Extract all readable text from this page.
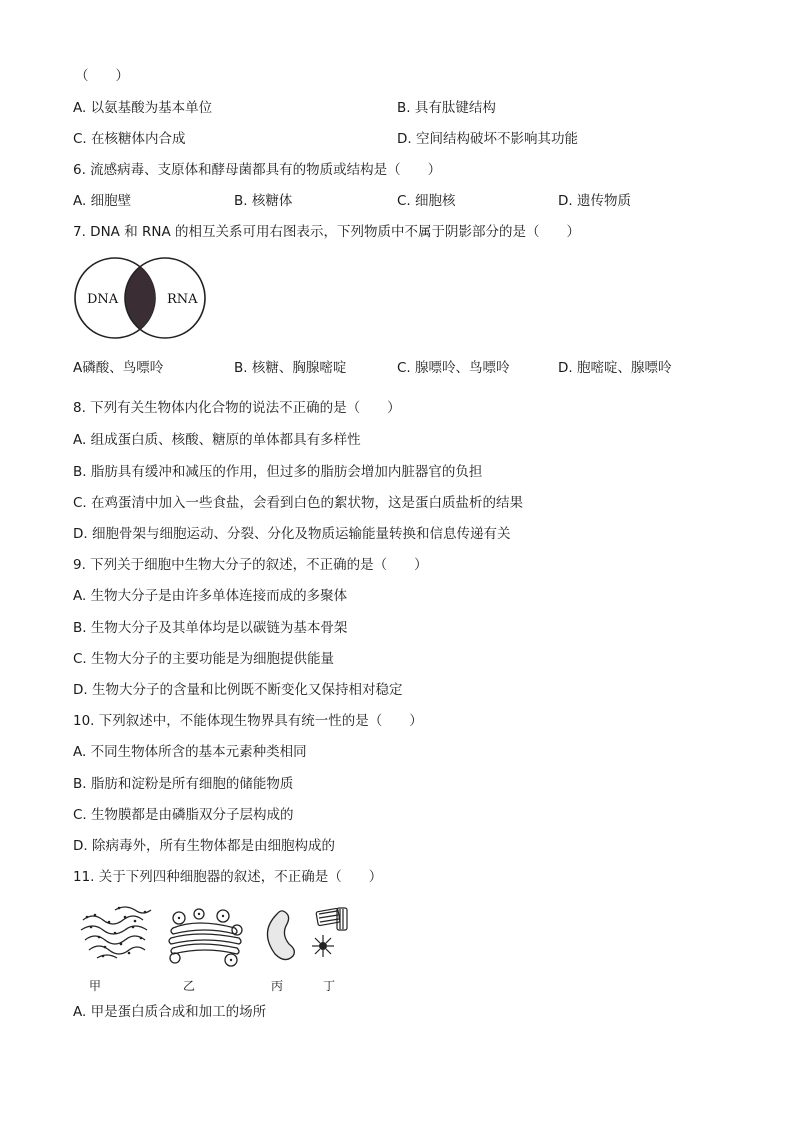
（　　）
A. 以氨基酸为基本单位	B. 具有肽键结构
C. 在核糖体内合成	D. 空间结构破坏不影响其功能
6. 流感病毒、支原体和酵母菌都具有的物质或结构是（　　）
A. 细胞壁	B. 核糖体	C. 细胞核	D. 遗传物质
7. DNA 和 RNA 的相互关系可用右图表示，下列物质中不属于阴影部分的是（　　）
DNA	RNA
A磷酸、鸟嘌呤	B. 核糖、胸腺嘧啶	C. 腺嘌呤、鸟嘌呤	D. 胞嘧啶、腺嘌呤
8. 下列有关生物体内化合物的说法不正确的是（　　）
A. 组成蛋白质、核酸、糖原的单体都具有多样性
B. 脂肪具有缓冲和减压的作用，但过多的脂肪会增加内脏器官的负担
C. 在鸡蛋清中加入一些食盐，会看到白色的絮状物，这是蛋白质盐析的结果
D. 细胞骨架与细胞运动、分裂、分化及物质运输能量转换和信息传递有关
9. 下列关于细胞中生物大分子的叙述，不正确的是（　　）
A. 生物大分子是由许多单体连接而成的多聚体
B. 生物大分子及其单体均是以碳链为基本骨架
C. 生物大分子的主要功能是为细胞提供能量
D. 生物大分子的含量和比例既不断变化又保持相对稳定
10. 下列叙述中，不能体现生物界具有统一性的是（　　）
A. 不同生物体所含的基本元素种类相同
B. 脂肪和淀粉是所有细胞的储能物质
C. 生物膜都是由磷脂双分子层构成的
D. 除病毒外，所有生物体都是由细胞构成的
11. 关于下列四种细胞器的叙述，不正确是（　　）
甲	乙	丙	丁
A. 甲是蛋白质合成和加工的场所
